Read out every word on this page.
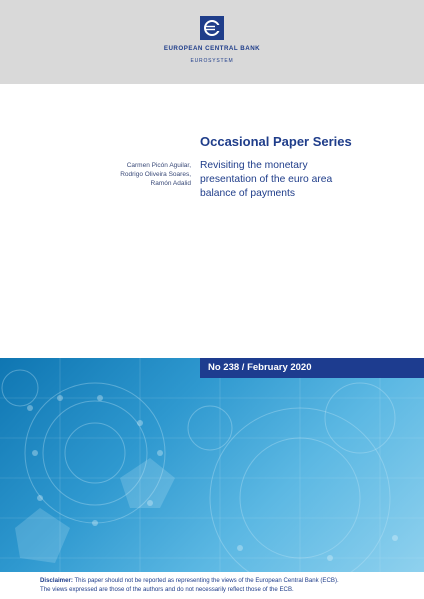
EUROPEAN CENTRAL BANK
EUROSYSTEM
Occasional Paper Series
Carmen Picón Aguilar,
Rodrigo Oliveira Soares,
Ramón Adalid
Revisiting the monetary
presentation of the euro area
balance of payments
No 238 / February 2020
Disclaimer: This paper should not be reported as representing the views of the European Central Bank (ECB).
The views expressed are those of the authors and do not necessarily reflect those of the ECB.
